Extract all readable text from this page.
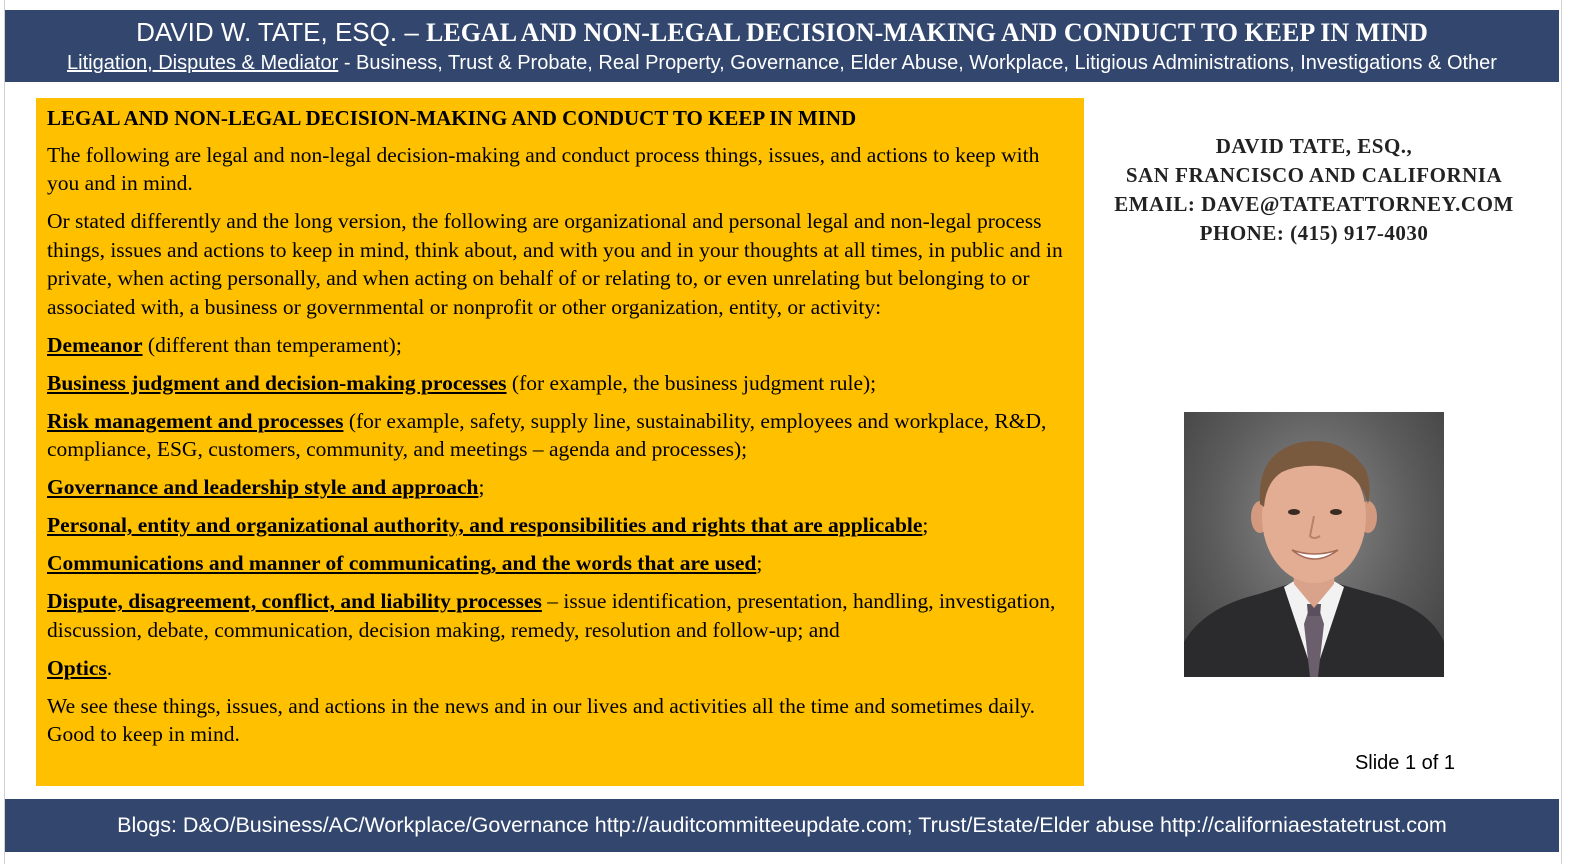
DAVID W. TATE, ESQ. – LEGAL AND NON-LEGAL DECISION-MAKING AND CONDUCT TO KEEP IN MIND
Litigation, Disputes & Mediator - Business, Trust & Probate, Real Property, Governance, Elder Abuse, Workplace, Litigious Administrations, Investigations & Other

LEGAL AND NON-LEGAL DECISION-MAKING AND CONDUCT TO KEEP IN MIND

The following are legal and non-legal decision-making and conduct process things, issues, and actions to keep with you and in mind.

Or stated differently and the long version, the following are organizational and personal legal and non-legal process things, issues and actions to keep in mind, think about, and with you and in your thoughts at all times, in public and in private, when acting personally, and when acting on behalf of or relating to, or even unrelating but belonging to or associated with, a business or governmental or nonprofit or other organization, entity, or activity:

Demeanor (different than temperament);

Business judgment and decision-making processes (for example, the business judgment rule);

Risk management and processes (for example, safety, supply line, sustainability, employees and workplace, R&D, compliance, ESG, customers, community, and meetings – agenda and processes);

Governance and leadership style and approach;

Personal, entity and organizational authority, and responsibilities and rights that are applicable;

Communications and manner of communicating, and the words that are used;

Dispute, disagreement, conflict, and liability processes – issue identification, presentation, handling, investigation, discussion, debate, communication, decision making, remedy, resolution and follow-up; and

Optics.

We see these things, issues, and actions in the news and in our lives and activities all the time and sometimes daily. Good to keep in mind.

DAVID TATE, ESQ.,
SAN FRANCISCO AND CALIFORNIA
EMAIL: DAVE@TATEATTORNEY.COM
PHONE: (415) 917-4030
Slide 1 of 1
Blogs: D&O/Business/AC/Workplace/Governance http://auditcommitteeupdate.com; Trust/Estate/Elder abuse http://californiaestatetrust.com
